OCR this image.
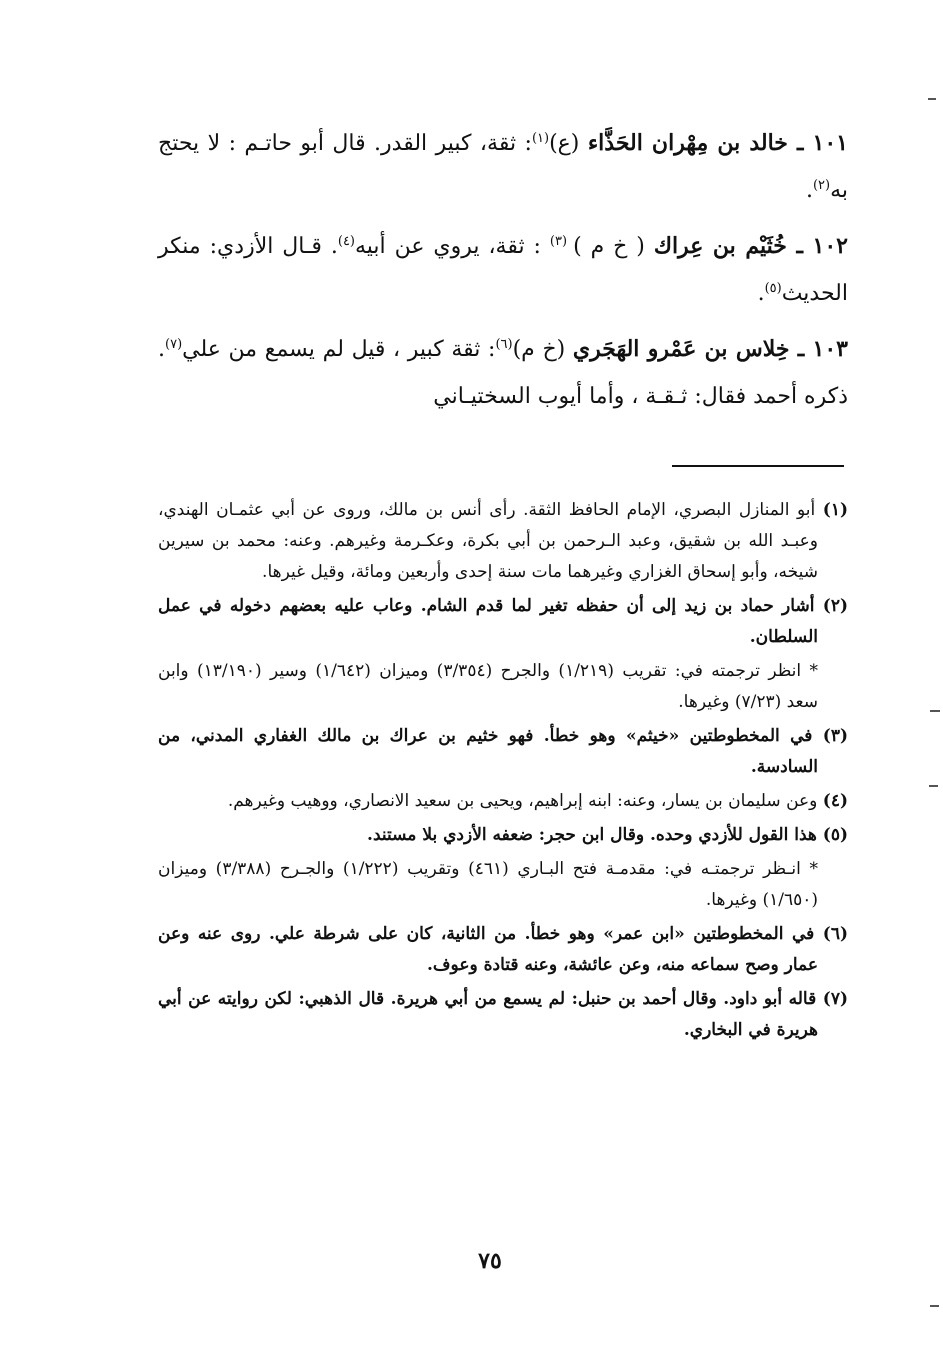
١٠١ ـ خالد بن مِهْران الحَذَّاء (ع)$^{(١)}$: ثقة، كبير القدر. قال أبو حاتـم : لا يحتج به$^{(٢)}$.

١٠٢ ـ خُثَيْم بن عِراك ( خ م ) $^{(٣)}$ : ثقة، يروي عن أبيه$^{(٤)}$. قـال الأزدي: منكر الحديث$^{(٥)}$.

١٠٣ ـ خِلاس بن عَمْرو الهَجَري (خ م)$^{(٦)}$: ثقة كبير ، قيل لم يسمع من علي$^{(٧)}$. ذكره أحمد فقال: ثـقـة ، وأما أيوب السختيـاني

(١) أبو المنازل البصري، الإمام الحافظ الثقة. رأى أنس بن مالك، وروى عن أبي عثمـان الهندي، وعبـد الله بن شقيق، وعبد الـرحمن بن أبي بكرة، وعكـرمة وغيرهم. وعنه: محمد بن سيرين شيخه، وأبو إسحاق الغزاري وغيرهما مات سنة إحدى وأربعين ومائة، وقيل غيرها.

(٢) أشار حماد بن زيد إلى أن حفظه تغير لما قدم الشام. وعاب عليه بعضهم دخوله في عمل السلطان.

* انظر ترجمته في: تقريب (١/٢١٩) والجرح (٣/٣٥٤) وميزان (١/٦٤٢) وسير (١٣/١٩٠) وابن سعد (٧/٢٣) وغيرها.

(٣) في المخطوطتين «خيثم» وهو خطأ. فهو خثيم بن عراك بن مالك الغفاري المدني، من السادسة.

(٤) وعن سليمان بن يسار، وعنه: ابنه إبراهيم، ويحيى بن سعيد الانصاري، ووهيب وغيرهم.

(٥) هذا القول للأزدي وحده. وقال ابن حجر: ضعفه الأزدي بلا مستند.

* انـظر ترجمتـه في: مقدمـة فتح البـاري (٤٦١) وتقريب (١/٢٢٢) والجـرح (٣/٣٨٨) وميزان (١/٦٥٠) وغيرها.

(٦) في المخطوطتين «ابن عمر» وهو خطأ. من الثانية، كان على شرطة علي. روى عنه وعن عمار وصح سماعه منه، وعن عائشة، وعنه قتادة وعوف.

(٧) قاله أبو داود. وقال أحمد بن حنبل: لم يسمع من أبي هريرة. قال الذهبي: لكن روايته عن أبي هريرة في البخاري.

٧٥
